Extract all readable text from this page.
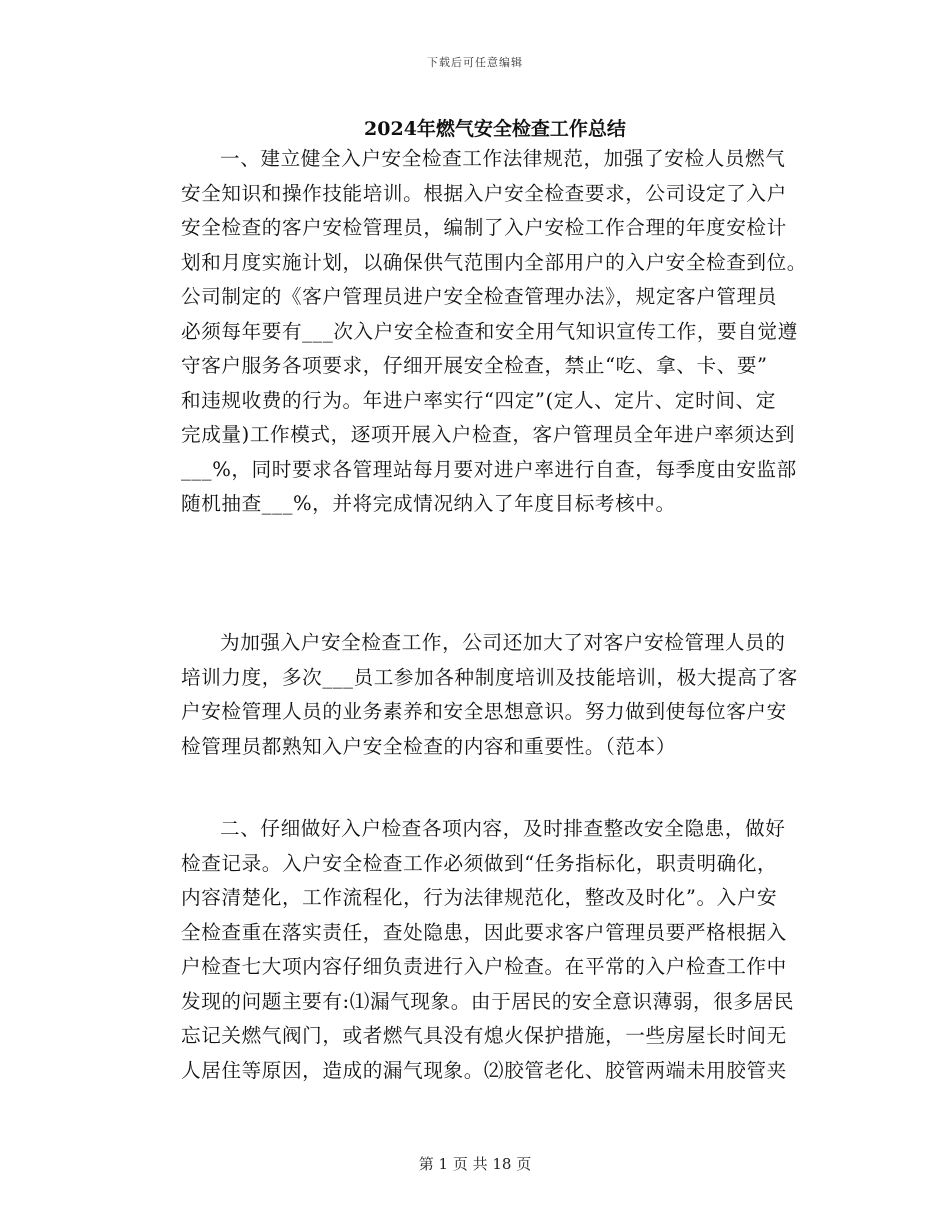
下载后可任意编辑
2024年燃气安全检查工作总结
一、建立健全入户安全检查工作法律规范，加强了安检人员燃气
安全知识和操作技能培训。根据入户安全检查要求，公司设定了入户
安全检查的客户安检管理员，编制了入户安检工作合理的年度安检计
划和月度实施计划，以确保供气范围内全部用户的入户安全检查到位。
公司制定的《客户管理员进户安全检查管理办法》，规定客户管理员
必须每年要有___次入户安全检查和安全用气知识宣传工作，要自觉遵
守客户服务各项要求，仔细开展安全检查，禁止“吃、拿、卡、要”
和违规收费的行为。年进户率实行“四定”(定人、定片、定时间、定
完成量)工作模式，逐项开展入户检查，客户管理员全年进户率须达到
___%，同时要求各管理站每月要对进户率进行自查，每季度由安监部
随机抽查___%，并将完成情况纳入了年度目标考核中。
为加强入户安全检查工作，公司还加大了对客户安检管理人员的
培训力度，多次___员工参加各种制度培训及技能培训，极大提高了客
户安检管理人员的业务素养和安全思想意识。努力做到使每位客户安
检管理员都熟知入户安全检查的内容和重要性。（范本）
二、仔细做好入户检查各项内容，及时排查整改安全隐患，做好
检查记录。入户安全检查工作必须做到“任务指标化，职责明确化，
内容清楚化，工作流程化，行为法律规范化，整改及时化”。入户安
全检查重在落实责任，查处隐患，因此要求客户管理员要严格根据入
户检查七大项内容仔细负责进行入户检查。在平常的入户检查工作中
发现的问题主要有:⑴漏气现象。由于居民的安全意识薄弱，很多居民
忘记关燃气阀门，或者燃气具没有熄火保护措施，一些房屋长时间无
人居住等原因，造成的漏气现象。⑵胶管老化、胶管两端未用胶管夹
第 1 页 共 18 页
